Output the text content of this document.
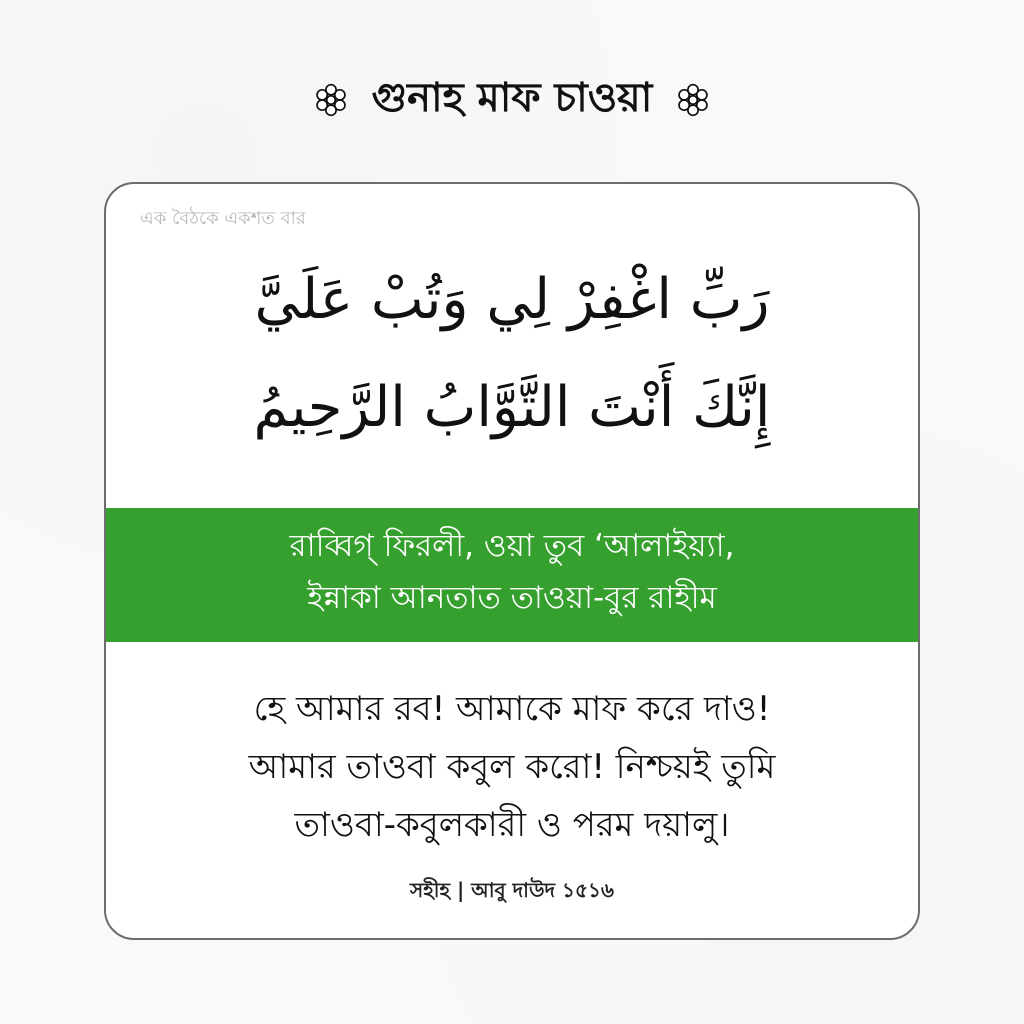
গুনাহ মাফ চাওয়া
এক বৈঠকে একশত বার
رَبِّ اغْفِرْ لِي وَتُبْ عَلَيَّ
إِنَّكَ أَنْتَ التَّوَّابُ الرَّحِيمُ
রাব্বিগ্ ফিরলী, ওয়া তুব ‘আলাইয়্যা,
ইন্নাকা আনতাত তাওয়া-বুর রাহীম
হে আমার রব! আমাকে মাফ করে দাও!
আমার তাওবা কবুল করো! নিশ্চয়ই তুমি
তাওবা-কবুলকারী ও পরম দয়ালু।
সহীহ | আবু দাউদ ১৫১৬
